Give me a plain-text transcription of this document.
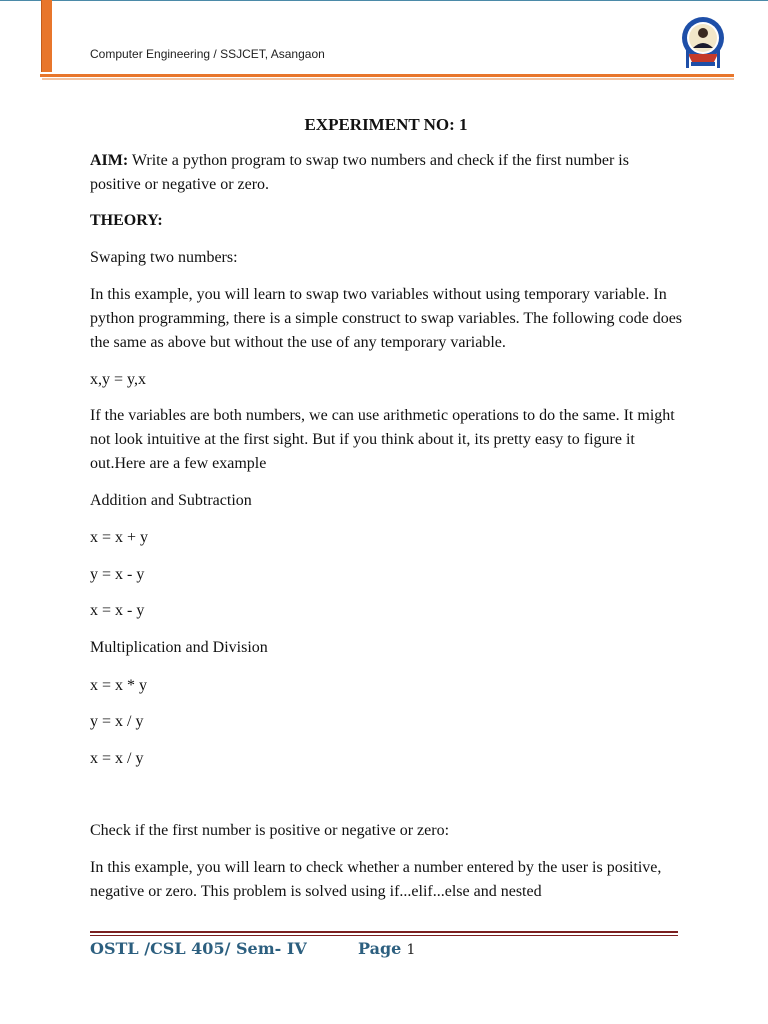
Computer Engineering / SSJCET, Asangaon

EXPERIMENT NO: 1

AIM: Write a python program to swap two numbers and check if the first number is positive or negative or zero.

THEORY:

Swaping two numbers:

In this example, you will learn to swap two variables without using temporary variable. In python programming, there is a simple construct to swap variables. The following code does the same as above but without the use of any temporary variable.

x,y = y,x

If the variables are both numbers, we can use arithmetic operations to do the same. It might not look intuitive at the first sight. But if you think about it, its pretty easy to figure it out.Here are a few example

Addition and Subtraction

x = x + y

y = x - y

x = x - y

Multiplication and Division

x = x * y

y = x / y

x = x / y

Check if the first number is positive or negative or zero:

In this example, you will learn to check whether a number entered by the user is positive, negative or zero. This problem is solved using if...elif...else and nested

OSTL /CSL 405/ Sem- IV	Page 1
